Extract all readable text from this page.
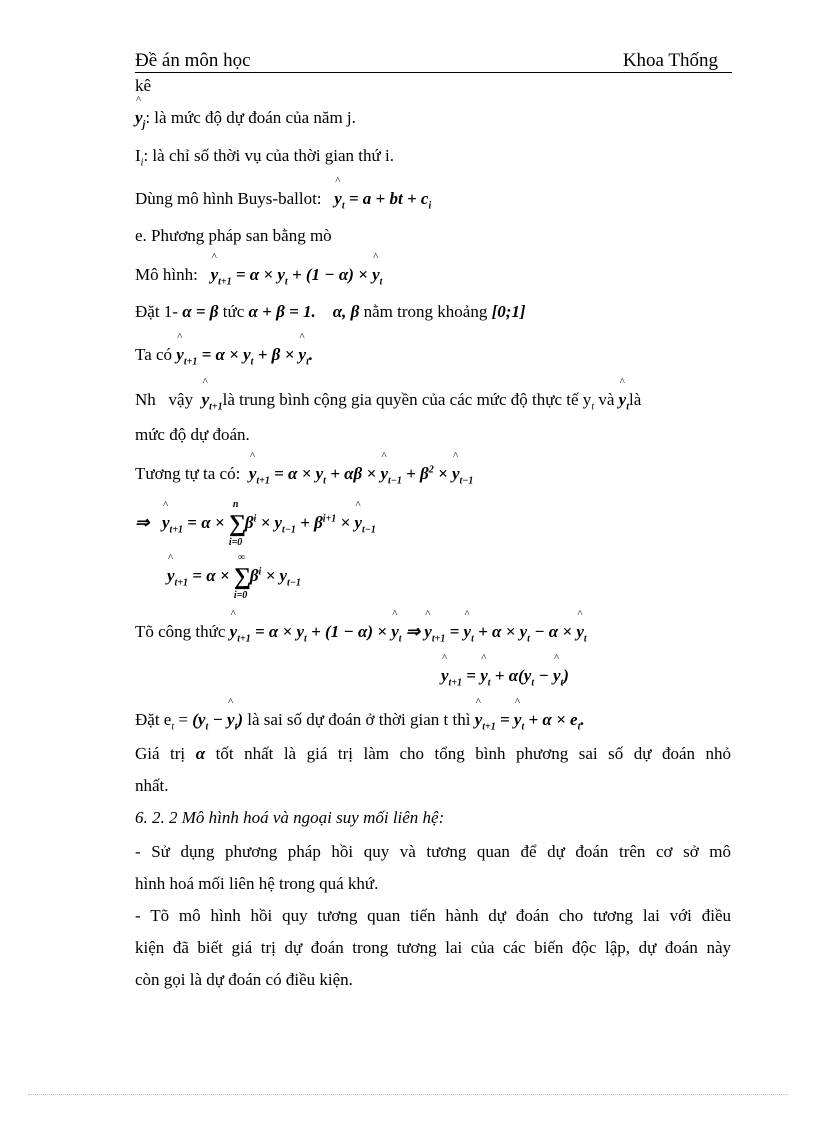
Đề án môn học	Khoa Thống
kê
^ $y_j$: là mức độ dự đoán của năm j.
$I_i$: là chỉ số thời vụ của thời gian thứ i.
Dùng mô hình Buys-ballot: ^ $y_t = a$ + bt + $c_i$
e. Phương pháp san bằng mò
Mô hình: ^ $y_{t+1} = \alpha \times y_t + (1 - \alpha)$ × ^ $y_t$
Đặt 1- α = β tức α + β = 1. α, β nằm trong khoảng [0;1]
Ta có ^ $y_{t+1} = \alpha \times y_t + \beta$ × ^ $y_t$.
Nh vậy ^ $y_{t+1}là$ trung bình cộng gia quyền của các mức độ thực tế $y_t$ và ^ $y_tlà$
mức độ dự đoán.
Tương tự ta có: ^ $y_{t+1} = \alpha \times y_t + \alpha\beta$ × ^ $y_{t-1} + \beta^2$ × ^ $y_{t-1}$
⇒ ^ $y_{t+1} = \alpha$ × ∑
n
i=0
$\beta^i \times y_{t-1} + \beta^{i+1}$ × ^ $y_{t-1}$
^ $y_{t+1} = \alpha$ × ∑
∞
i=0
$\beta^i \times y_{t-1}$
Tõ công thức ^ $y_{t+1} = \alpha \times y_t + (1 - \alpha)$ × ^ $y_t$ ⇒ ^ $y_{t+1}$ = ^ $y_t + \alpha \times y_t - \alpha$ × ^ $y_t$
^ $y_{t+1}$ = ^ $y_t + \alpha(y_t$ − ^ $y_t$)
Đặt $e_t = (y_t$ − ^ $y_t$) là sai số dự đoán ở thời gian t thì ^ $y_{t+1}$ = ^ $y_t + \alpha \times e_t$.
Giá trị α tốt nhất là giá trị làm cho tổng bình phương sai số dự đoán nhỏ
nhất.
6. 2. 2 Mô hình hoá và ngoại suy mối liên hệ:
- Sử dụng phương pháp hồi quy và tương quan để dự đoán trên cơ sở mô
hình hoá mối liên hệ trong quá khứ.
- Tõ mô hình hồi quy tương quan tiến hành dự đoán cho tương lai với điều
kiện đã biết giá trị dự đoán trong tương lai của các biến độc lập, dự đoán này
còn gọi là dự đoán có điều kiện.
